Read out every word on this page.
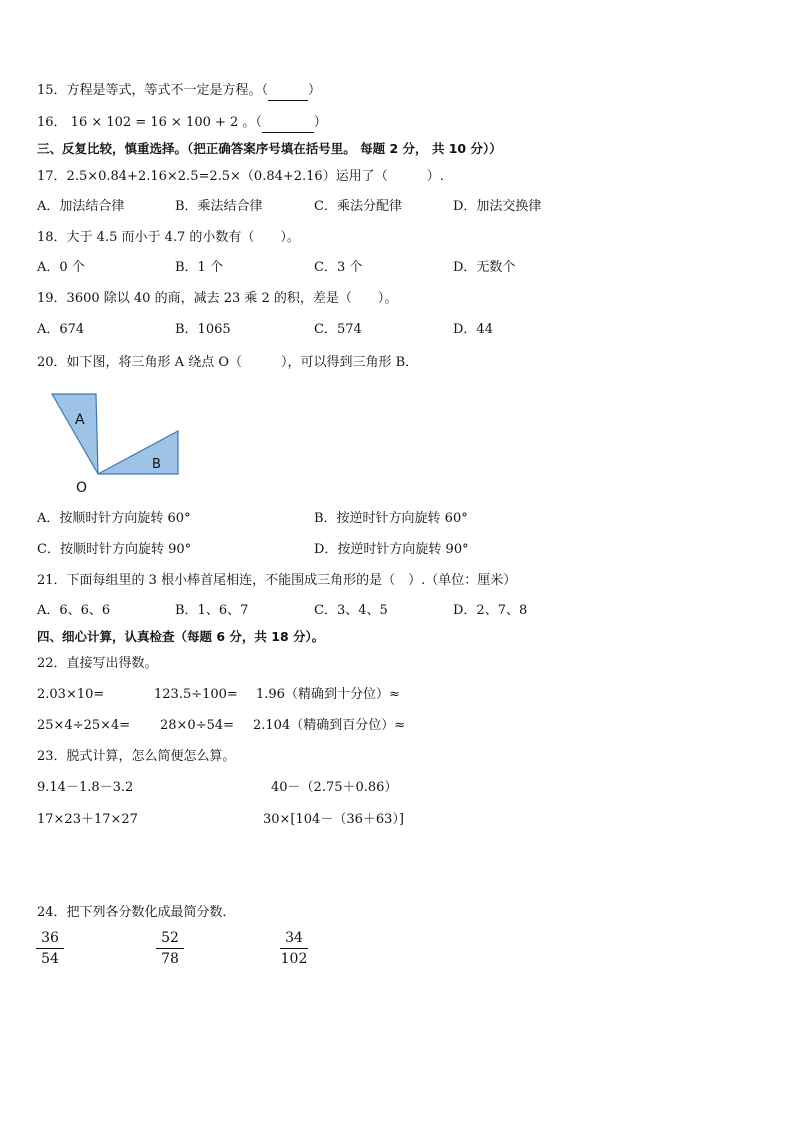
15．方程是等式，等式不一定是方程。（	）
16． 16 × 102 = 16 × 100 + 2 。（	）
三、反复比较，慎重选择。（把正确答案序号填在括号里。 每题 2 分， 共 10 分））
17．2.5×0.84+2.16×2.5=2.5×（0.84+2.16）运用了（　　　）.
A．加法结合律	B．乘法结合律	C．乘法分配律	D．加法交换律
18．大于 4.5 而小于 4.7 的小数有（　　）。
A．0 个	B．1 个	C．3 个	D．无数个
19．3600 除以 40 的商，减去 23 乘 2 的积，差是（　　）。
A．674	B．1065	C．574	D．44
20．如下图，将三角形 A 绕点 O（　　　），可以得到三角形 B．
A
B
O
A．按顺时针方向旋转 60°	B．按逆时针方向旋转 60°
C．按顺时针方向旋转 90°	D．按逆时针方向旋转 90°
21．下面每组里的 3 根小棒首尾相连，不能围成三角形的是（　）.（单位：厘米）
A．6、6、6	B．1、6、7	C．3、4、5	D．2、7、8
四、细心计算，认真检查（每题 6 分，共 18 分）。
22．直接写出得数。
2.03×10=	123.5÷100= 1.96（精确到十分位）≈
25×4÷25×4= 28×0÷54= 2.104（精确到百分位）≈
23．脱式计算，怎么简便怎么算。
9.14－1.8－3.2	40－（2.75＋0.86）
17×23＋17×27	30×[104－（36＋63）]
24．把下列各分数化成最简分数．
36
54
52
78
34
102
